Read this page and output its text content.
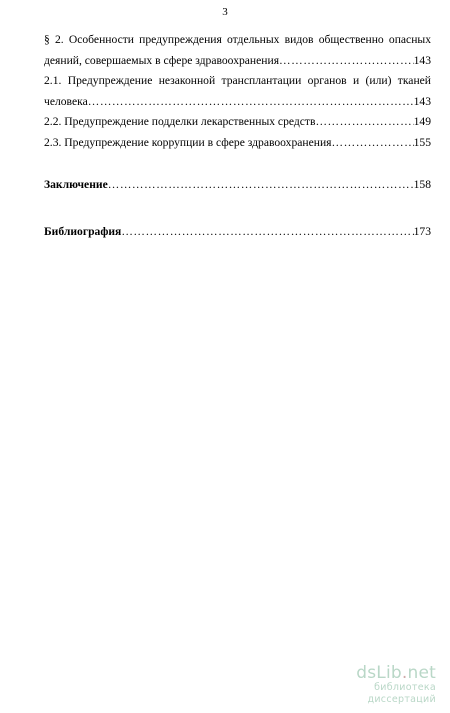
3
§ 2. Особенности предупреждения отдельных видов общественно опасных
деяний, совершаемых в сфере здравоохранения ……………………………………………………………………………………………………………………………………………………………	143
2.1. Предупреждение незаконной трансплантации органов и (или) тканей
человека ……………………………………………………………………………………………………………………………………………………………	143
2.2. Предупреждение подделки лекарственных средств ……………………………………………………………………………………………………………………………………………………………	149
2.3. Предупреждение коррупции в сфере здравоохранения ……………………………………………………………………………………………………………………………………………………………	155
Заключение ……………………………………………………………………………………………………………………………………………………………	158
Библиография ……………………………………………………………………………………………………………………………………………………………	173
dsLib.net
библиотека диссертаций
